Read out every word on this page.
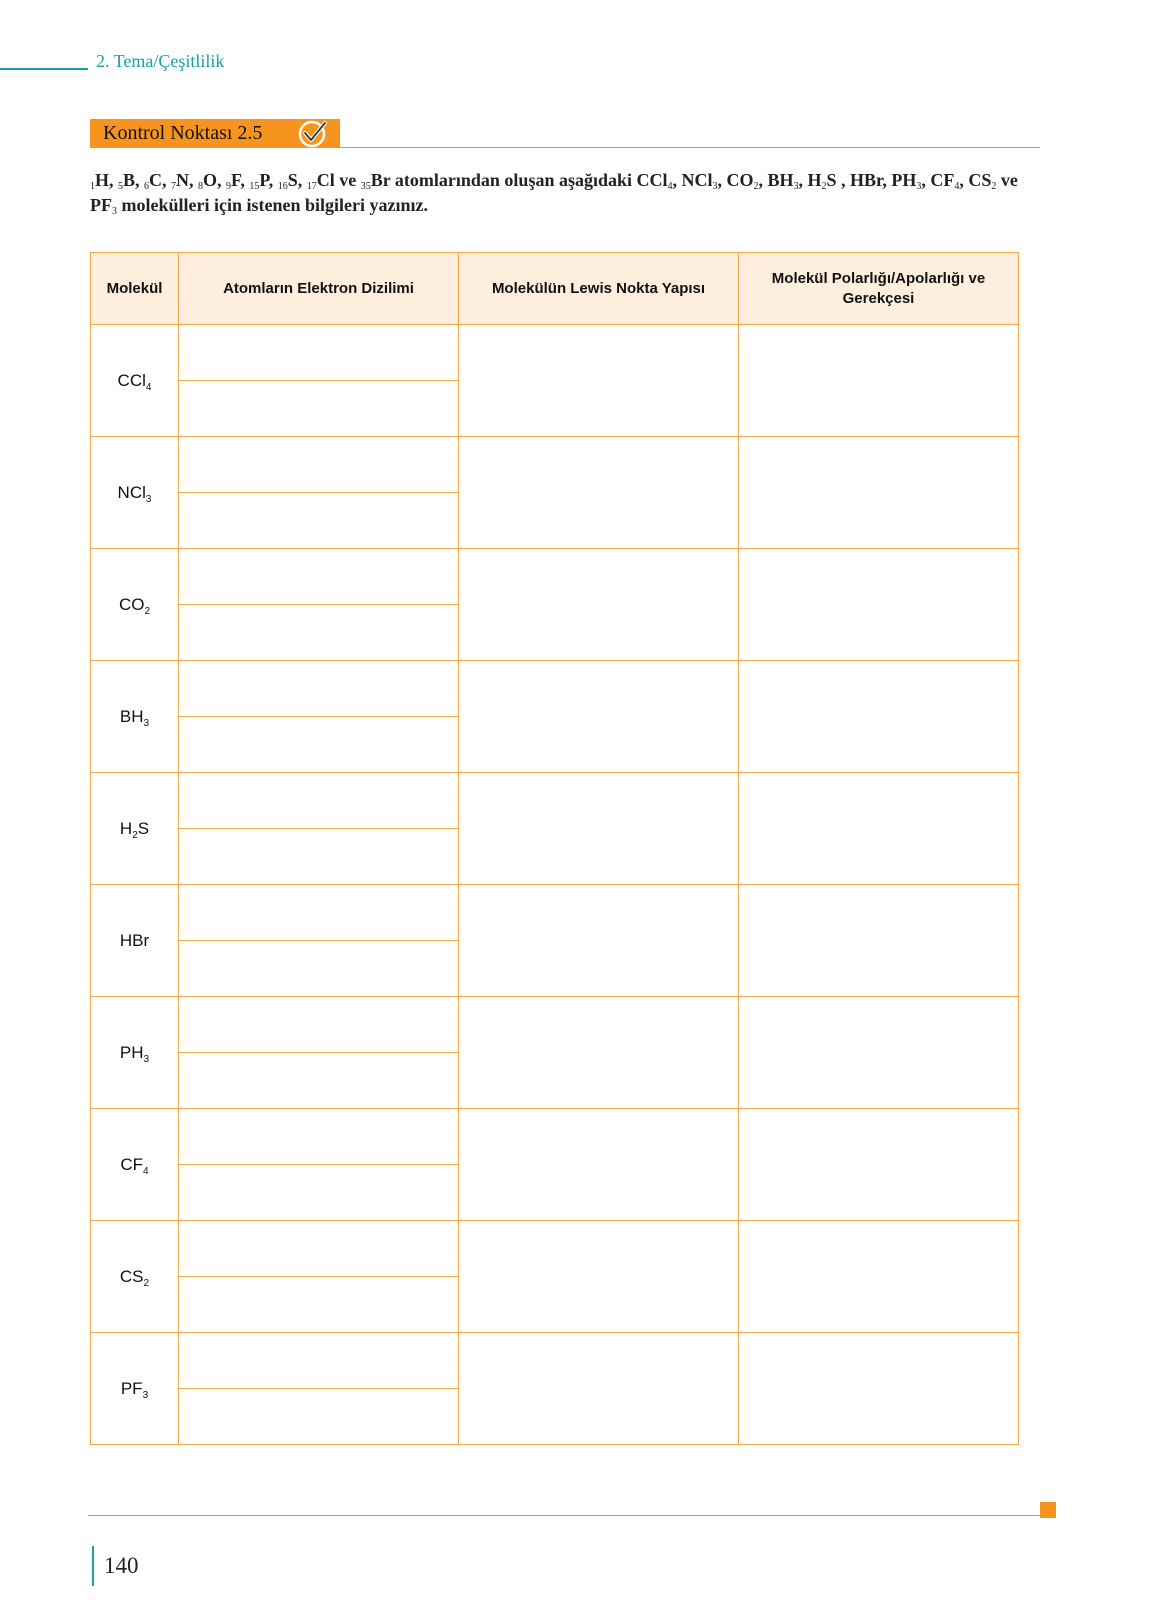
2. Tema/Çeşitlilik
Kontrol Noktası 2.5
$_1$H, $_5$B, $_6$C, $_7$N, $_8$O, $_9$F, $_{15}$P, $_{16}$S, $_{17}$Cl ve $_{35}$Br atomlarından oluşan aşağıdaki CCl$_4$, NCl$_3$, $CO_2$, $BH_3$, $H_2S$ , HBr, $PH_3$, $CF_4$, $CS_2$ ve $PF_3$ molekülleri için istenen bilgileri yazınız.
Molekül	Atomların Elektron Dizilimi	Molekülün Lewis Nokta Yapısı	Molekül Polarlığı/Apolarlığı ve Gerekçesi
CCl$_4$			

NCl$_3$			

$CO_2$			

$BH_3$			

$H_2S$			

HBr			

$PH_3$			

$CF_4$			

$CS_2$			

$PF_3$			

140
